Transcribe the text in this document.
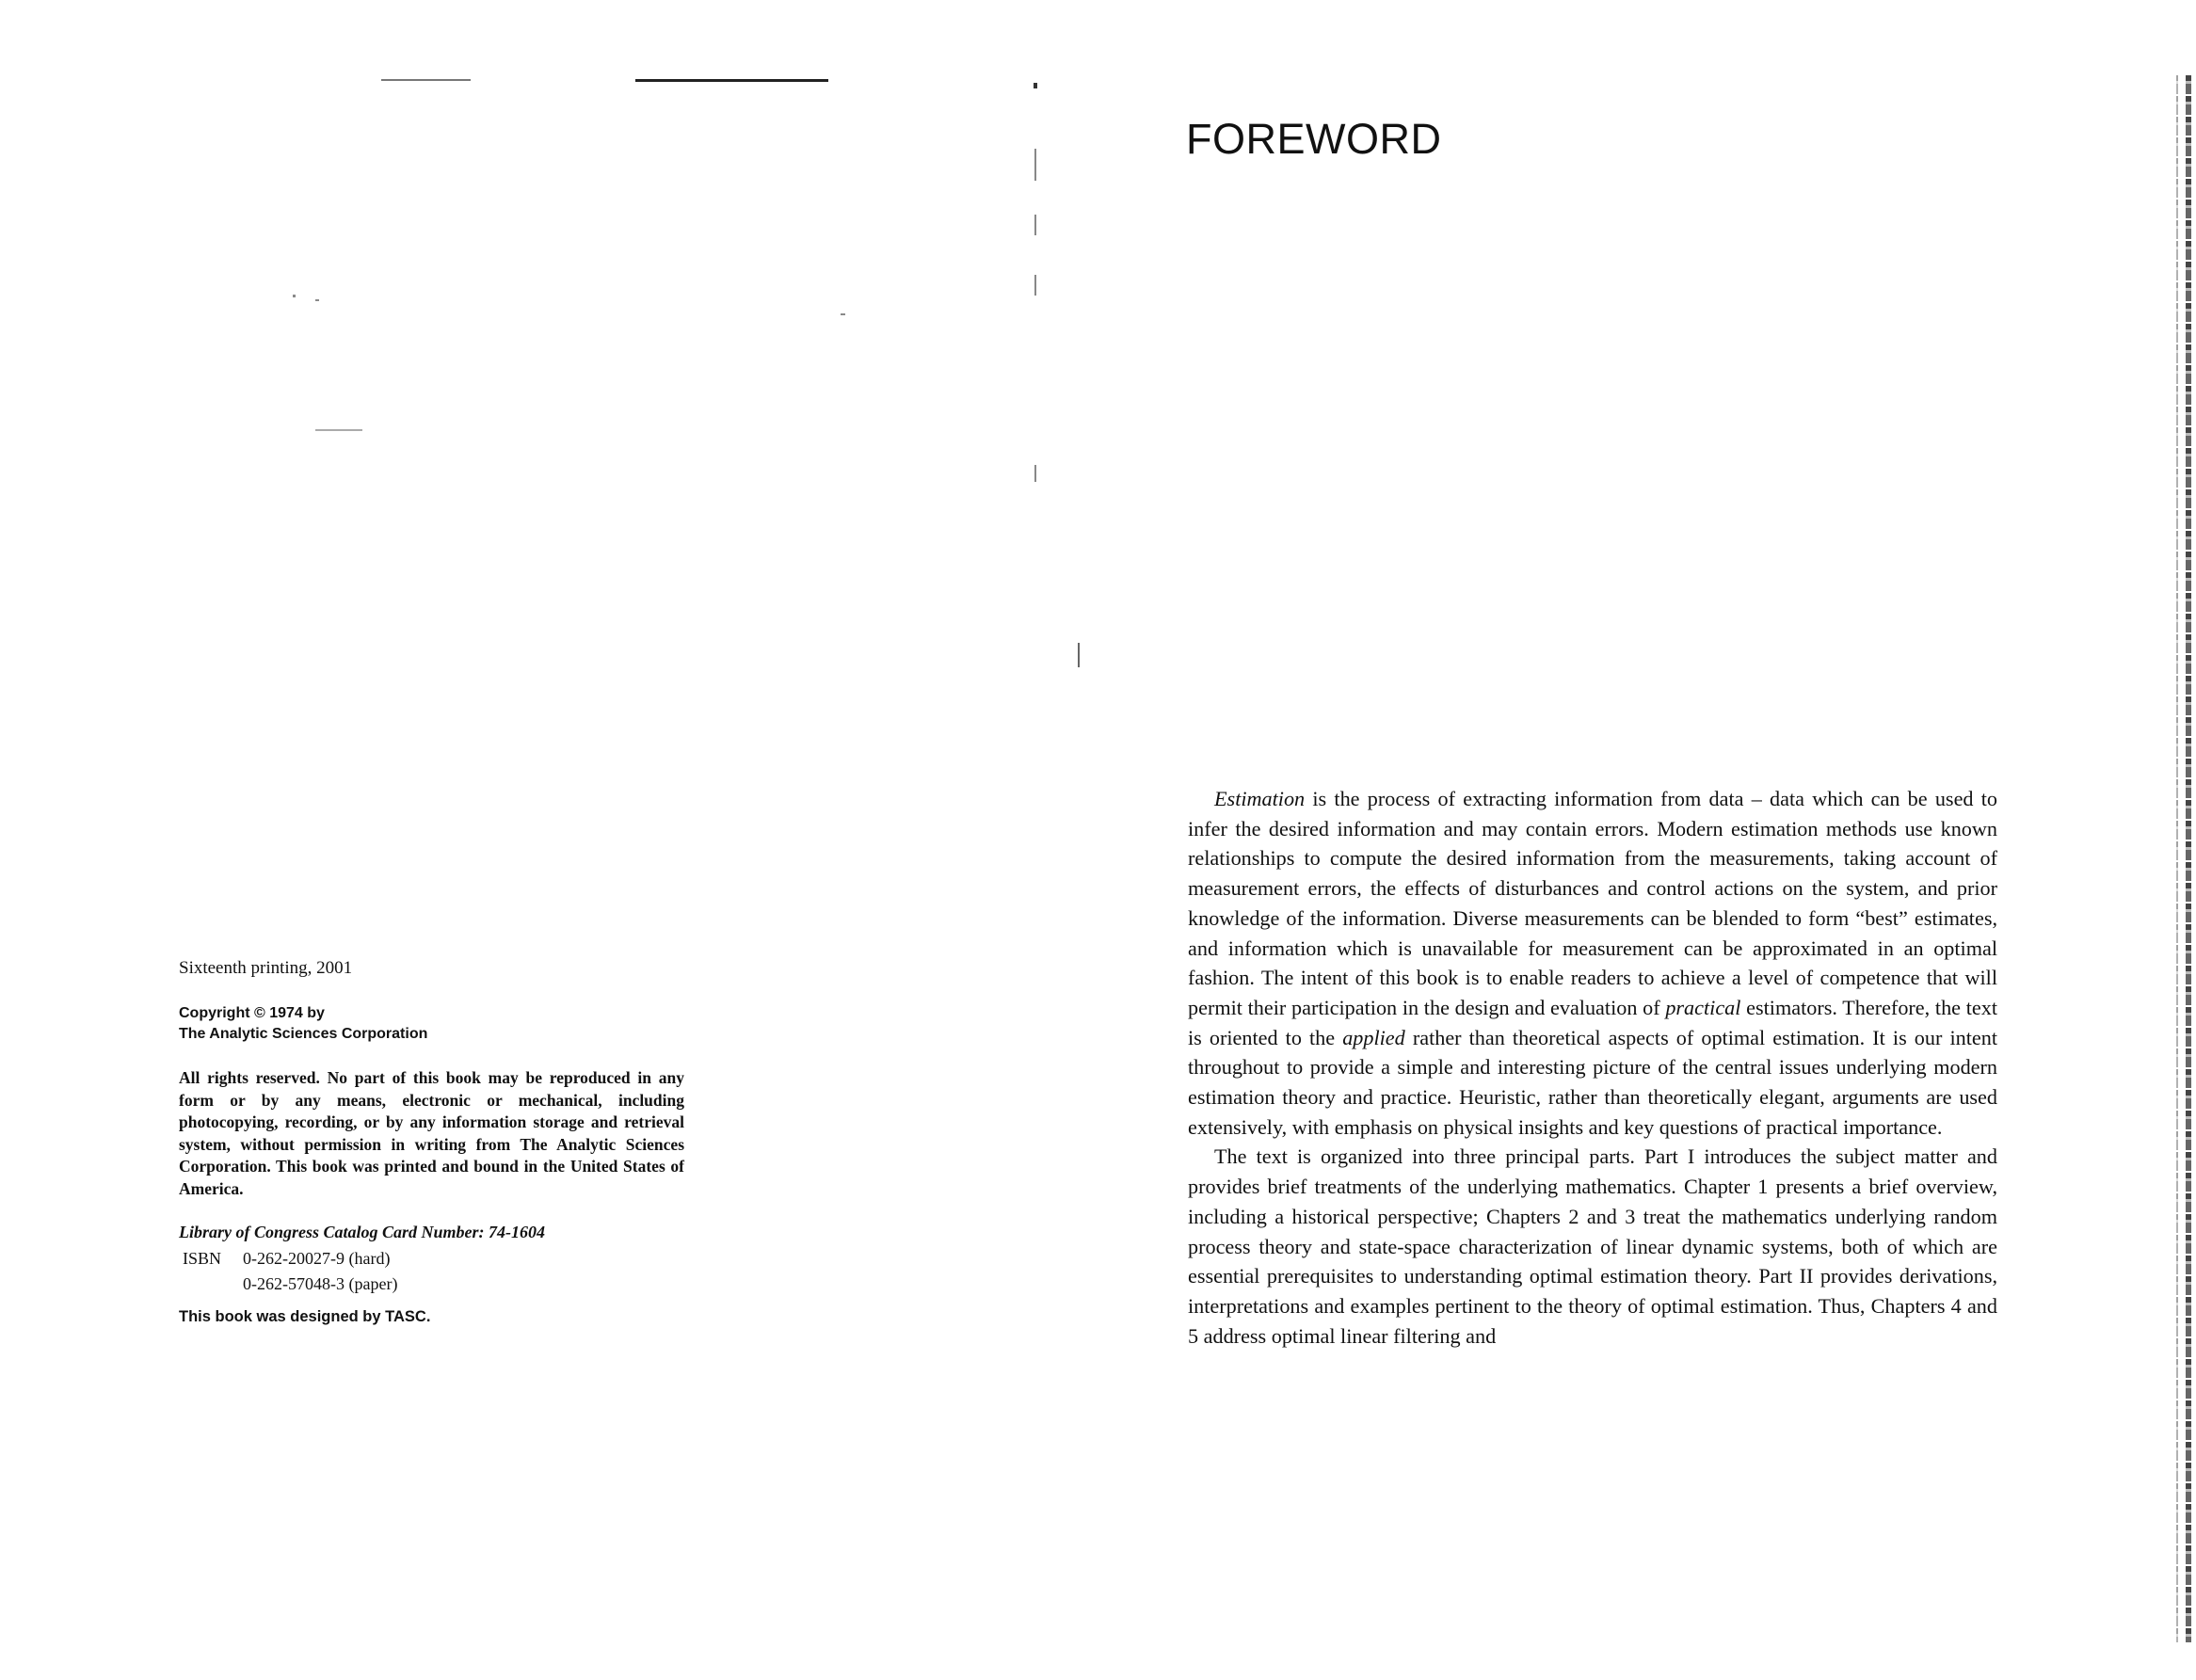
Sixteenth printing, 2001

Copyright © 1974 by
The Analytic Sciences Corporation

All rights reserved. No part of this book may be reproduced in any form or by any means, electronic or mechanical, including photocopying, recording, or by any information storage and retrieval system, without permission in writing from The Analytic Sciences Corporation. This book was printed and bound in the United States of America.

Library of Congress Catalog Card Number: 74-1604

ISBN	0-262-20027-9 (hard)
0-262-57048-3 (paper)
This book was designed by TASC.
FOREWORD

Estimation is the process of extracting information from data – data which can be used to infer the desired information and may contain errors. Modern estimation methods use known relationships to compute the desired information from the measurements, taking account of measurement errors, the effects of disturbances and control actions on the system, and prior knowledge of the information. Diverse measurements can be blended to form “best” estimates, and information which is unavailable for measurement can be approximated in an optimal fashion. The intent of this book is to enable readers to achieve a level of competence that will permit their participation in the design and evaluation of practical estimators. Therefore, the text is oriented to the applied rather than theoretical aspects of optimal estimation. It is our intent throughout to provide a simple and interesting picture of the central issues underlying modern estimation theory and practice. Heuristic, rather than theoretically elegant, arguments are used extensively, with emphasis on physical insights and key questions of practical importance.

The text is organized into three principal parts. Part I introduces the subject matter and provides brief treatments of the underlying mathematics. Chapter 1 presents a brief overview, including a historical perspective; Chapters 2 and 3 treat the mathematics underlying random process theory and state-space characterization of linear dynamic systems, both of which are essential prerequisites to understanding optimal estimation theory. Part II provides derivations, interpretations and examples pertinent to the theory of optimal estimation. Thus, Chapters 4 and 5 address optimal linear filtering and
